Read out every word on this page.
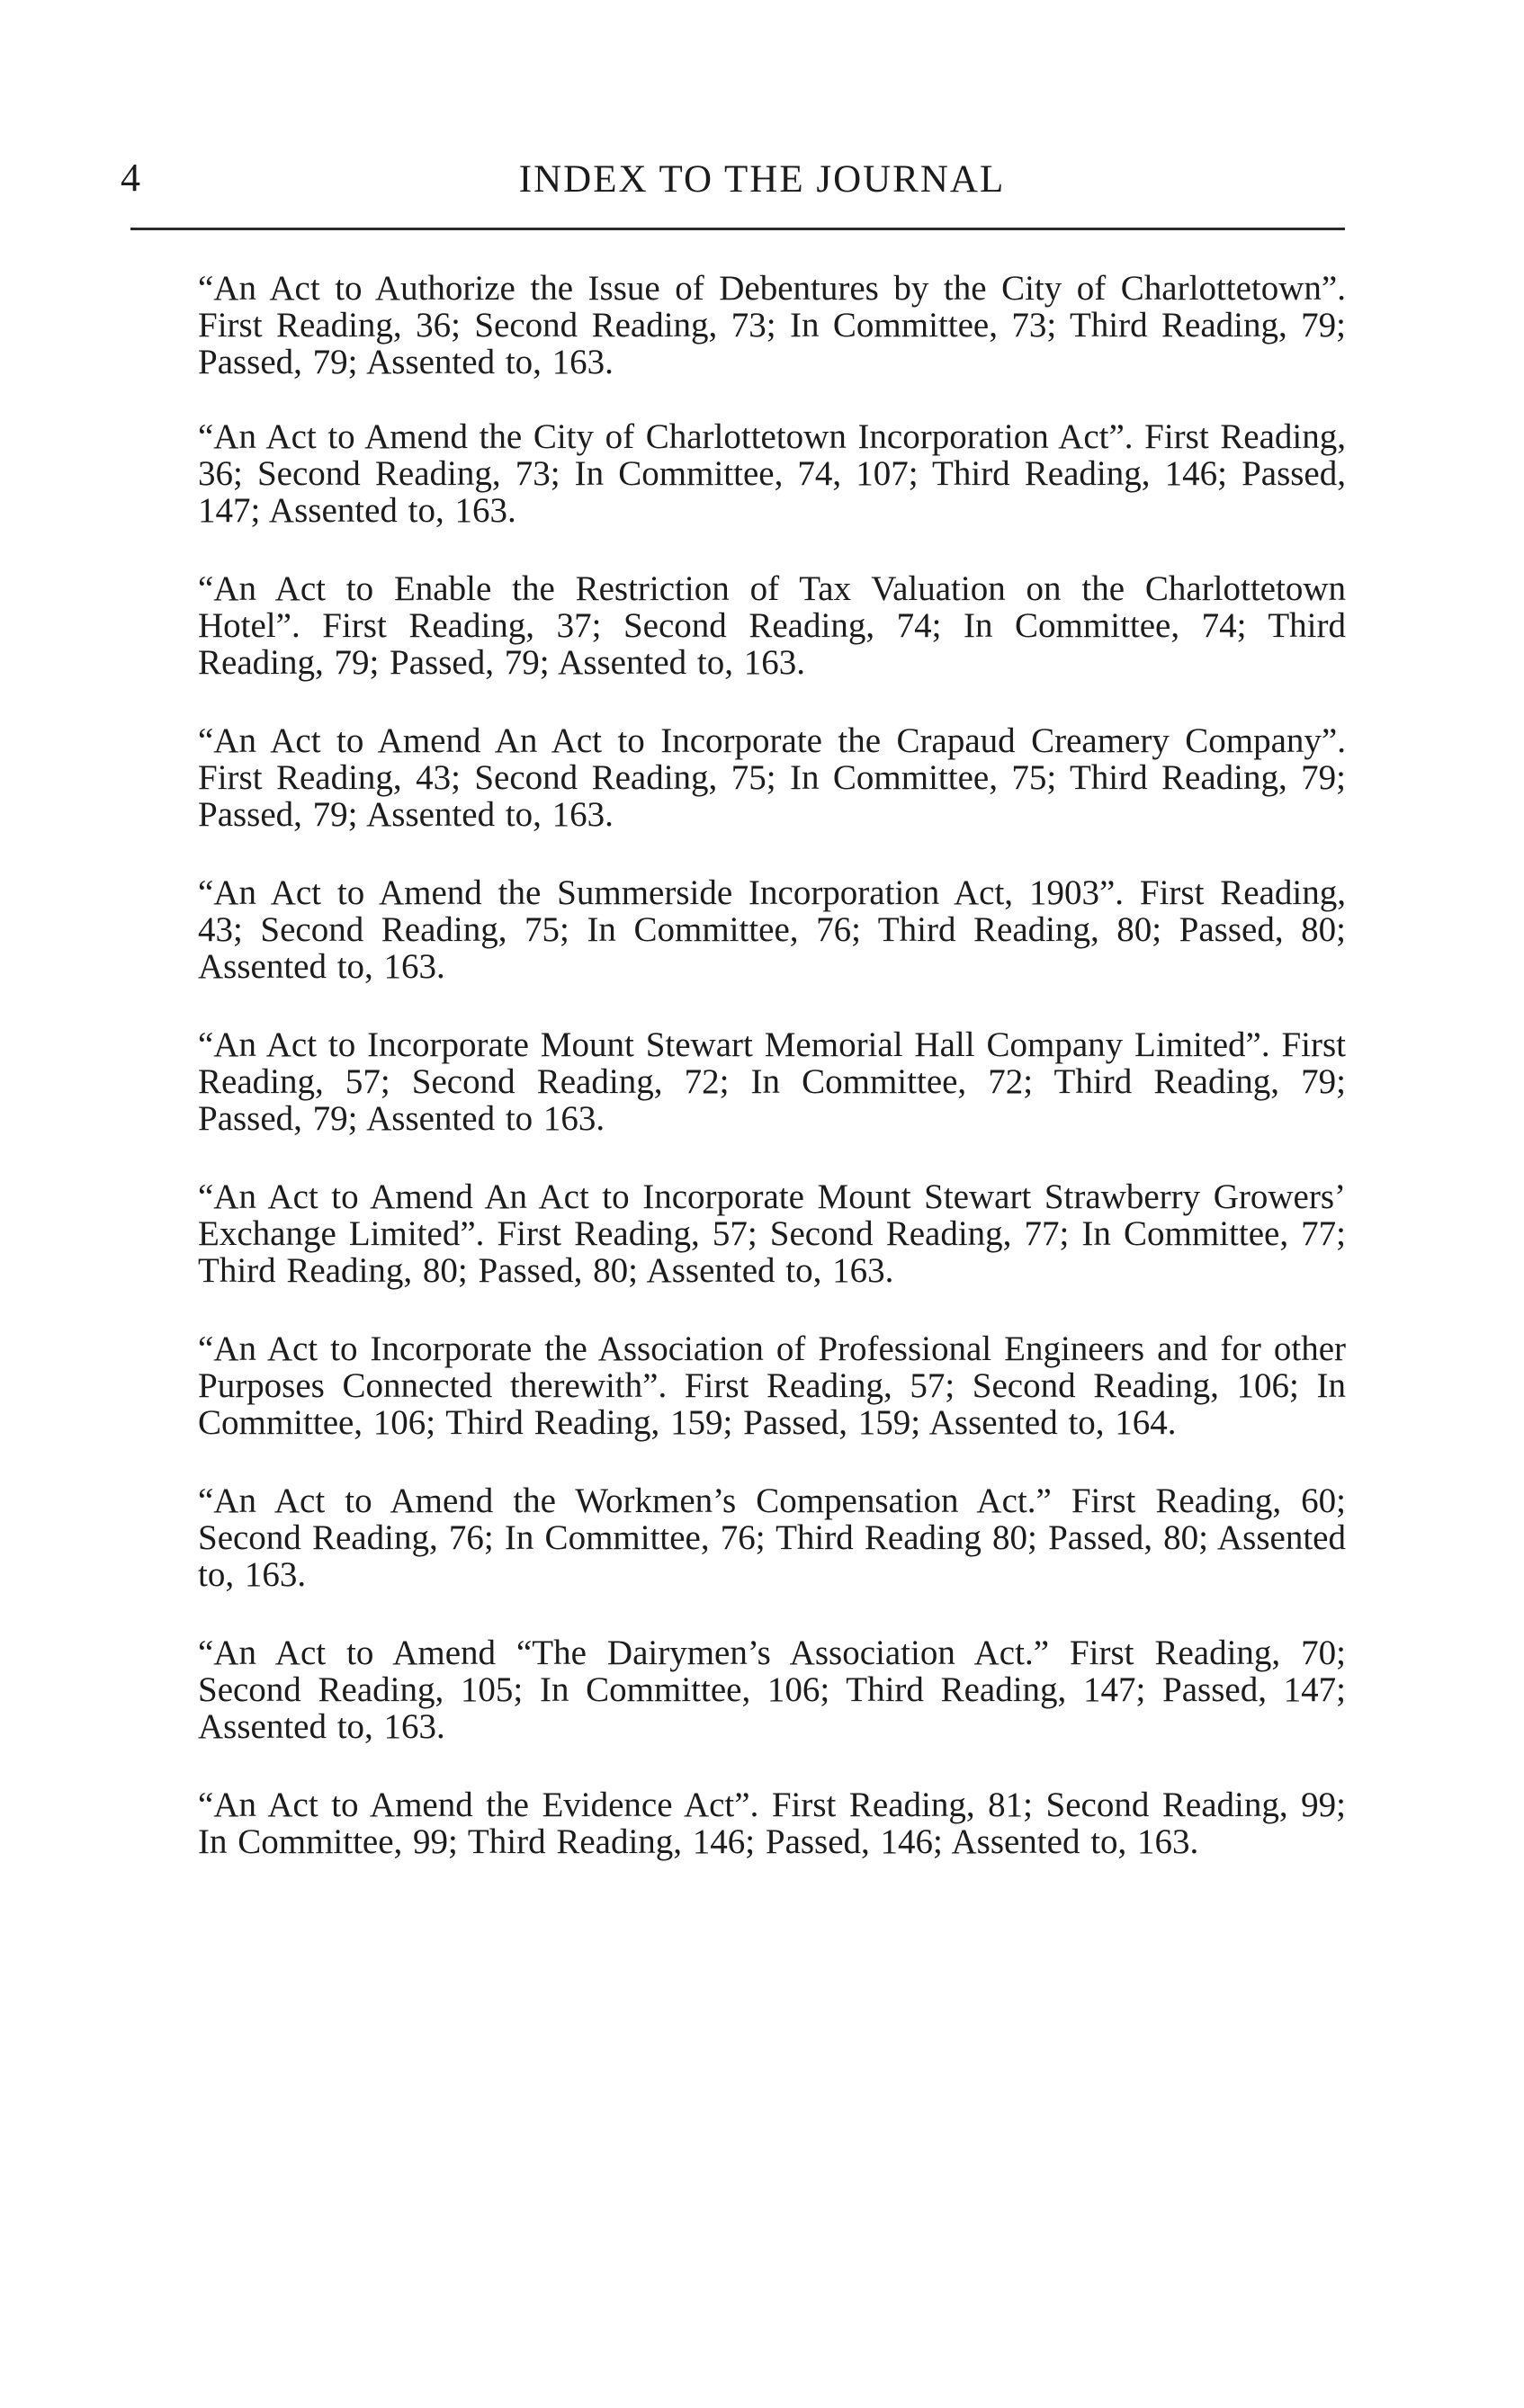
4	INDEX TO THE JOURNAL

“An Act to Authorize the Issue of Debentures by the City of Charlottetown”. First Reading, 36; Second Reading, 73; In Committee, 73; Third Reading, 79; Passed, 79; Assented to, 163.

“An Act to Amend the City of Charlottetown Incorporation Act”. First Reading, 36; Second Reading, 73; In Committee, 74, 107; Third Reading, 146; Passed, 147; Assented to, 163.

“An Act to Enable the Restriction of Tax Valuation on the Charlottetown Hotel”. First Reading, 37; Second Reading, 74; In Committee, 74; Third Reading, 79; Passed, 79; Assented to, 163.

“An Act to Amend An Act to Incorporate the Crapaud Creamery Company”. First Reading, 43; Second Reading, 75; In Committee, 75; Third Reading, 79; Passed, 79; Assented to, 163.

“An Act to Amend the Summerside Incorporation Act, 1903”. First Reading, 43; Second Reading, 75; In Committee, 76; Third Reading, 80; Passed, 80; Assented to, 163.

“An Act to Incorporate Mount Stewart Memorial Hall Company Limited”. First Reading, 57; Second Reading, 72; In Committee, 72; Third Reading, 79; Passed, 79; Assented to 163.

“An Act to Amend An Act to Incorporate Mount Stewart Strawberry Growers’ Exchange Limited”. First Reading, 57; Second Reading, 77; In Committee, 77; Third Reading, 80; Passed, 80; Assented to, 163.

“An Act to Incorporate the Association of Professional Engineers and for other Purposes Connected therewith”. First Reading, 57; Second Reading, 106; In Committee, 106; Third Reading, 159; Passed, 159; Assented to, 164.

“An Act to Amend the Workmen’s Compensation Act.” First Reading, 60; Second Reading, 76; In Committee, 76; Third Reading 80; Passed, 80; Assented to, 163.

“An Act to Amend “The Dairymen’s Association Act.” First Reading, 70; Second Reading, 105; In Committee, 106; Third Reading, 147; Passed, 147; Assented to, 163.

“An Act to Amend the Evidence Act”. First Reading, 81; Second Reading, 99; In Committee, 99; Third Reading, 146; Passed, 146; Assented to, 163.
